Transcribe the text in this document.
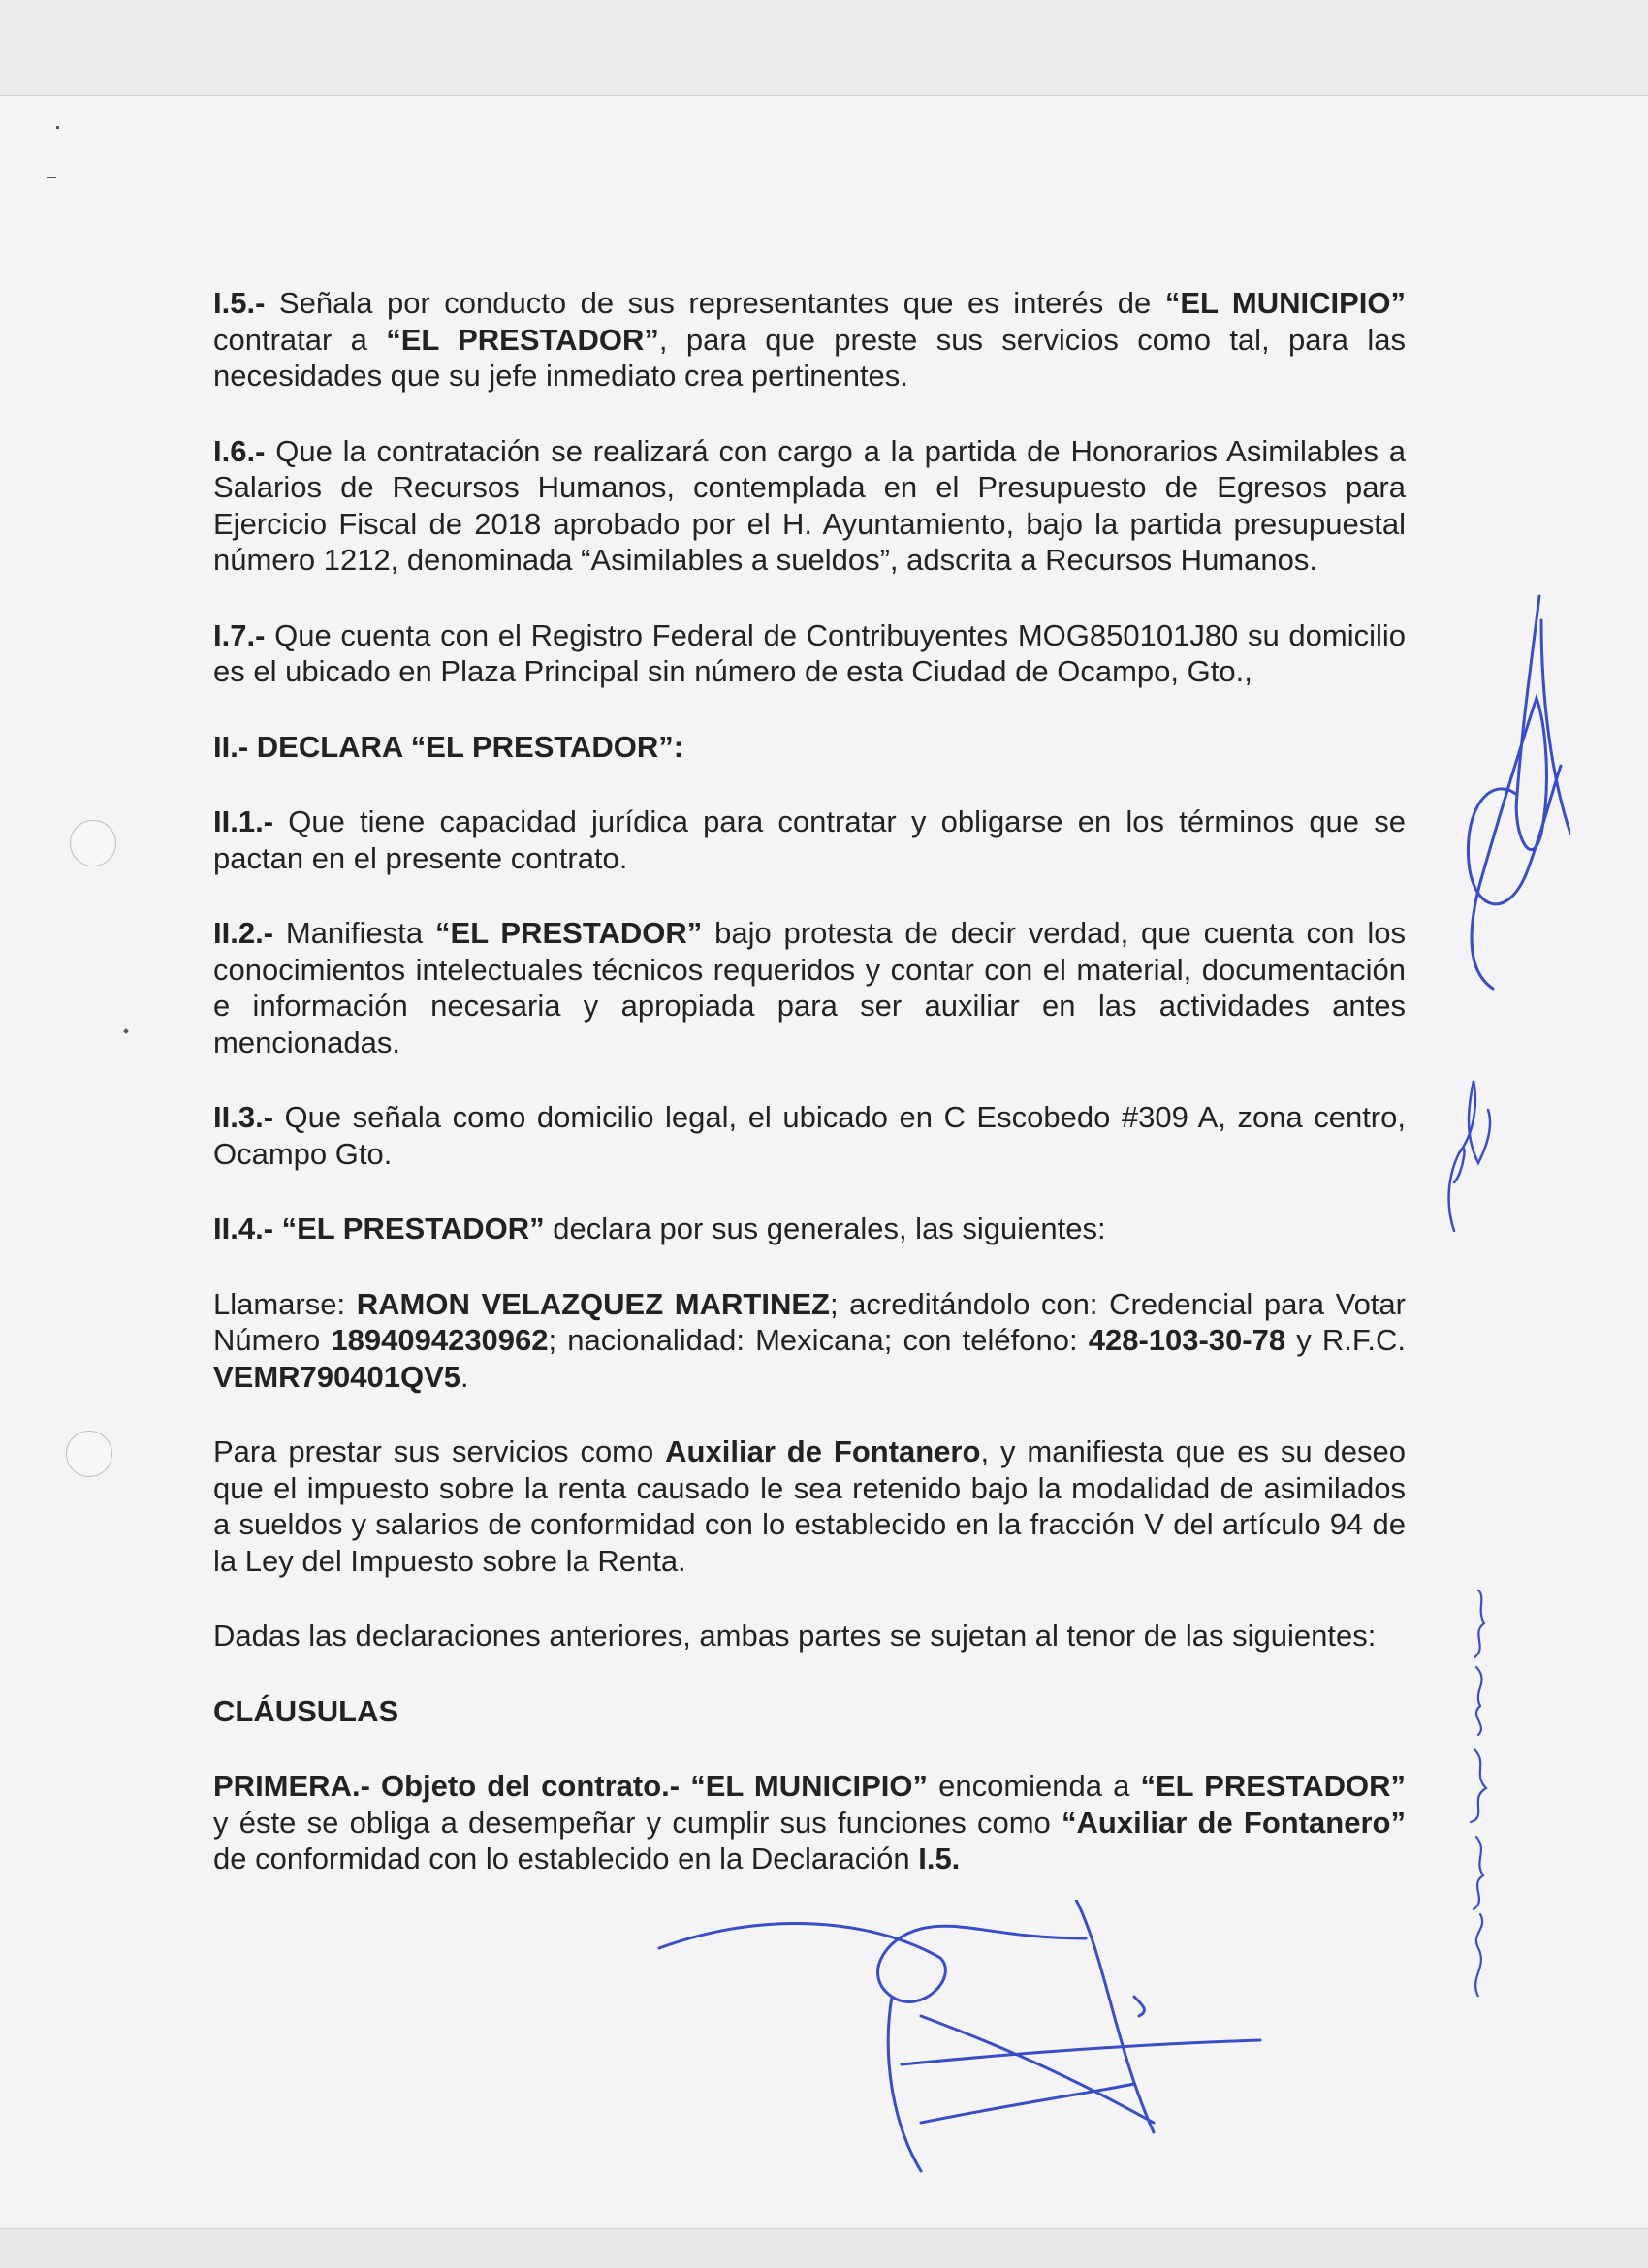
I.5.- Señala por conducto de sus representantes que es interés de “EL MUNICIPIO” contratar a “EL PRESTADOR”, para que preste sus servicios como tal, para las necesidades que su jefe inmediato crea pertinentes.

I.6.- Que la contratación se realizará con cargo a la partida de Honorarios Asimilables a Salarios de Recursos Humanos, contemplada en el Presupuesto de Egresos para Ejercicio Fiscal de 2018 aprobado por el H. Ayuntamiento, bajo la partida presupuestal número 1212, denominada “Asimilables a sueldos”, adscrita a Recursos Humanos.

I.7.- Que cuenta con el Registro Federal de Contribuyentes MOG850101J80 su domicilio es el ubicado en Plaza Principal sin número de esta Ciudad de Ocampo, Gto.,

II.- DECLARA “EL PRESTADOR”:

II.1.- Que tiene capacidad jurídica para contratar y obligarse en los términos que se pactan en el presente contrato.

II.2.- Manifiesta “EL PRESTADOR” bajo protesta de decir verdad, que cuenta con los conocimientos intelectuales técnicos requeridos y contar con el material, documentación e información necesaria y apropiada para ser auxiliar en las actividades antes mencionadas.

II.3.- Que señala como domicilio legal, el ubicado en C Escobedo #309 A, zona centro, Ocampo Gto.

II.4.- “EL PRESTADOR” declara por sus generales, las siguientes:

Llamarse: RAMON VELAZQUEZ MARTINEZ; acreditándolo con: Credencial para Votar Número 1894094230962; nacionalidad: Mexicana; con teléfono: 428-103-30-78 y R.F.C. VEMR790401QV5.

Para prestar sus servicios como Auxiliar de Fontanero, y manifiesta que es su deseo que el impuesto sobre la renta causado le sea retenido bajo la modalidad de asimilados a sueldos y salarios de conformidad con lo establecido en la fracción V del artículo 94 de la Ley del Impuesto sobre la Renta.

Dadas las declaraciones anteriores, ambas partes se sujetan al tenor de las siguientes:

CLÁUSULAS

PRIMERA.- Objeto del contrato.- “EL MUNICIPIO” encomienda a “EL PRESTADOR” y éste se obliga a desempeñar y cumplir sus funciones como “Auxiliar de Fontanero” de conformidad con lo establecido en la Declaración I.5.
